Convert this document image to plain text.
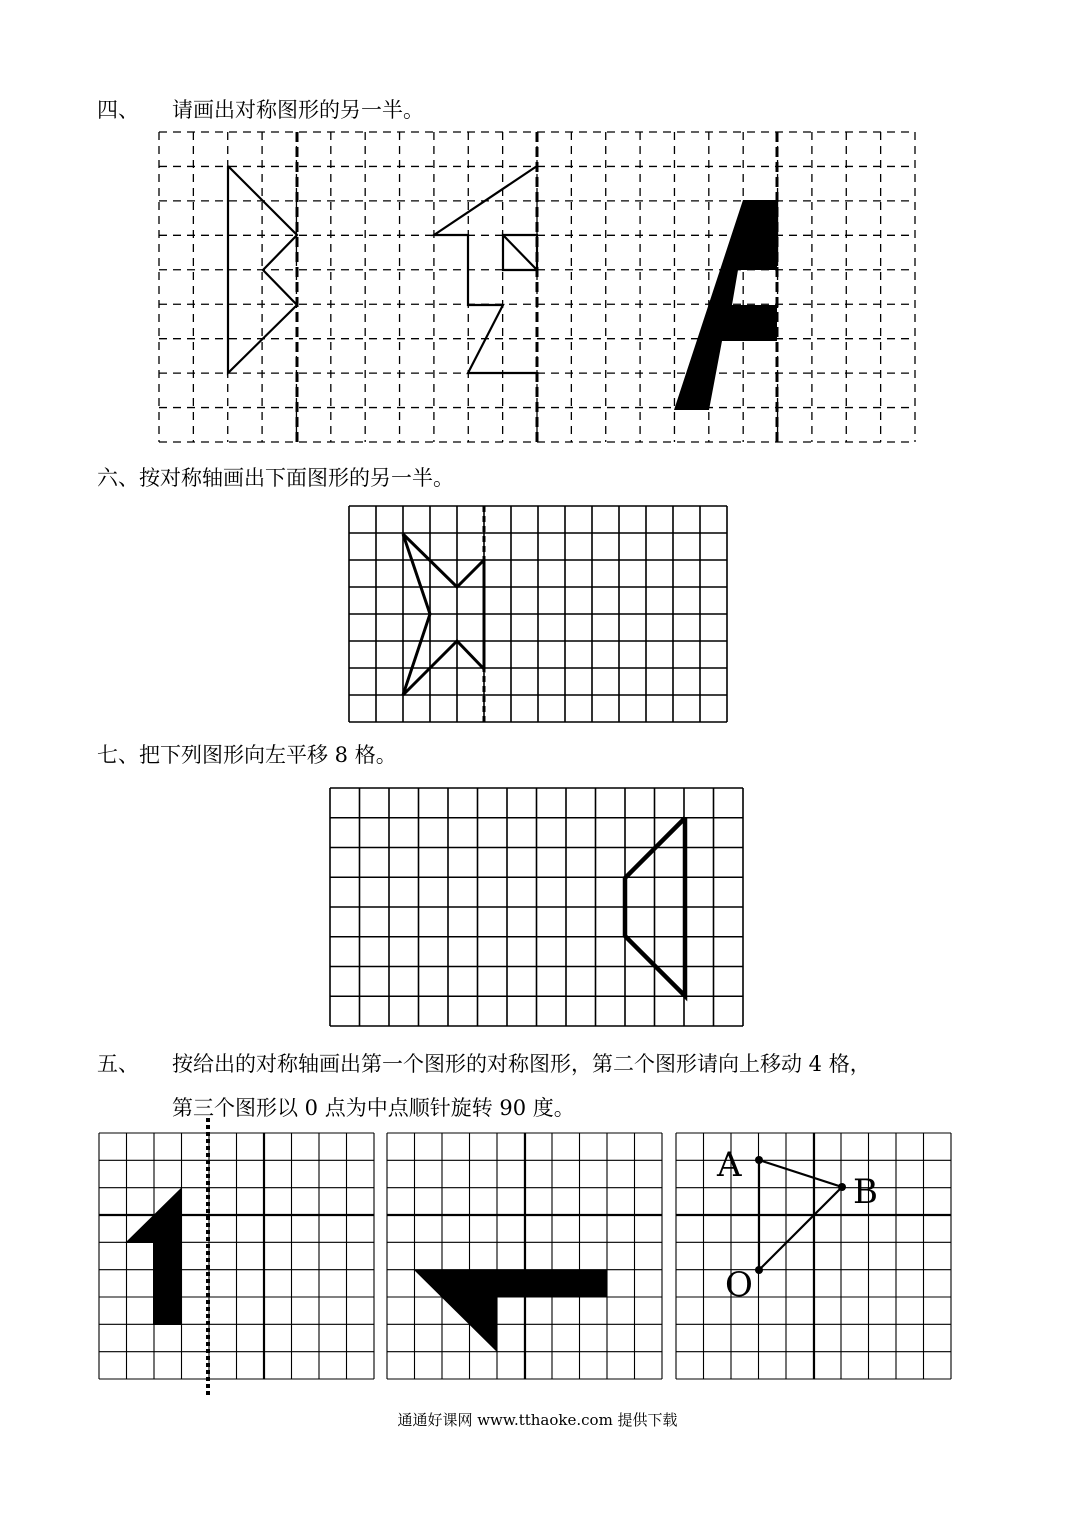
四、 请画出对称图形的另一半。
六、按对称轴画出下面图形的另一半。
七、把下列图形向左平移 8 格。
五、 按给出的对称轴画出第一个图形的对称图形，第二个图形请向上移动 4 格，
第三个图形以 0 点为中点顺针旋转 90 度。
A
B
O
通通好课网 www.tthaoke.com 提供下载
